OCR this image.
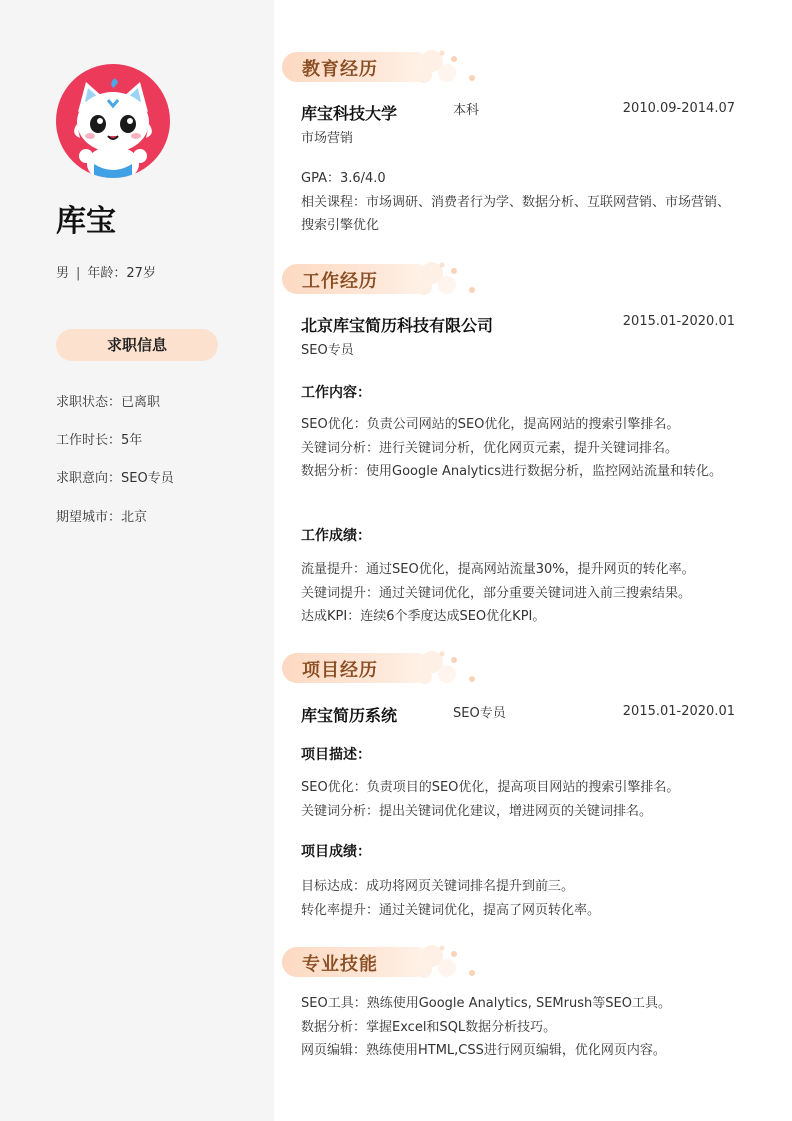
库宝
男 | 年龄：27岁
求职信息
求职状态：已离职
工作时长：5年
求职意向：SEO专员
期望城市：北京
教育经历
库宝科技大学	本科	2010.09-2014.07
市场营销
GPA：3.6/4.0
相关课程：市场调研、消费者行为学、数据分析、互联网营销、市场营销、搜索引擎优化
工作经历
北京库宝简历科技有限公司	2015.01-2020.01
SEO专员
工作内容：
SEO优化：负责公司网站的SEO优化，提高网站的搜索引擎排名。
关键词分析：进行关键词分析，优化网页元素，提升关键词排名。
数据分析：使用Google Analytics进行数据分析，监控网站流量和转化。
工作成绩：
流量提升：通过SEO优化，提高网站流量30%，提升网页的转化率。
关键词提升：通过关键词优化，部分重要关键词进入前三搜索结果。
达成KPI：连续6个季度达成SEO优化KPI。
项目经历
库宝简历系统	SEO专员	2015.01-2020.01
项目描述：
SEO优化：负责项目的SEO优化，提高项目网站的搜索引擎排名。
关键词分析：提出关键词优化建议，增进网页的关键词排名。
项目成绩：
目标达成：成功将网页关键词排名提升到前三。
转化率提升：通过关键词优化，提高了网页转化率。
专业技能
SEO工具：熟练使用Google Analytics, SEMrush等SEO工具。
数据分析：掌握Excel和SQL数据分析技巧。
网页编辑：熟练使用HTML,CSS进行网页编辑，优化网页内容。
